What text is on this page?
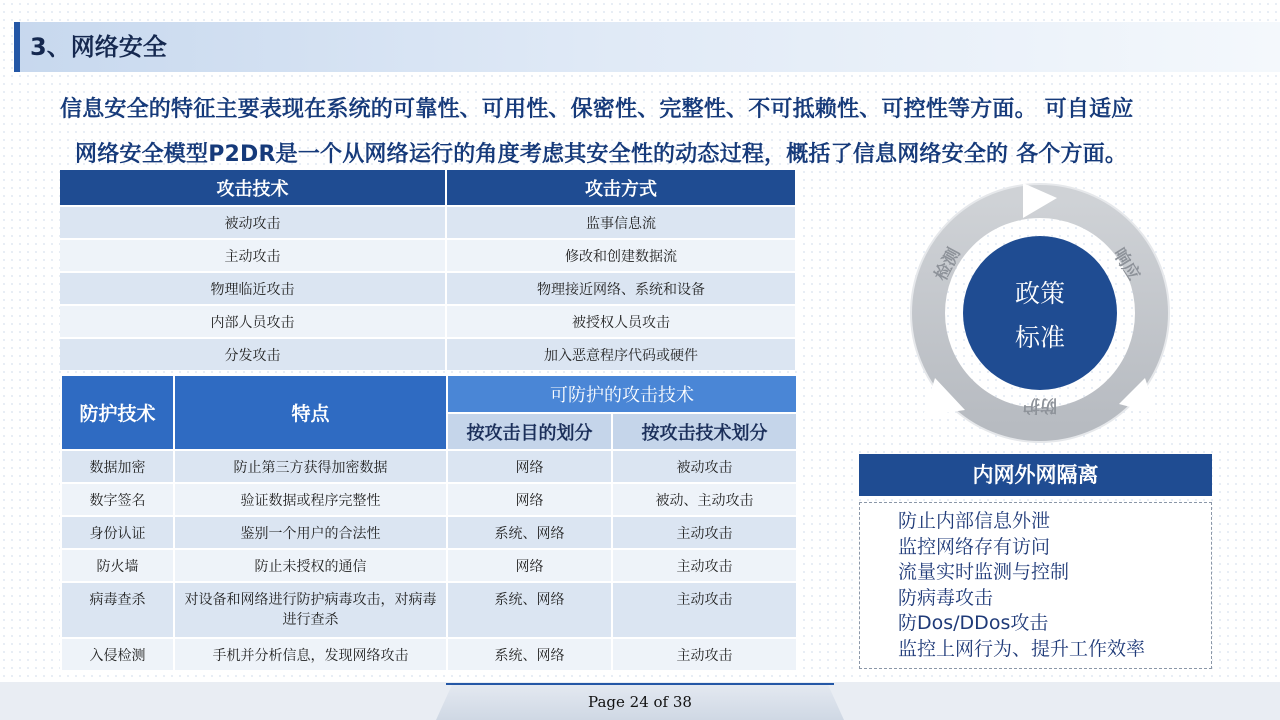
3、网络安全
信息安全的特征主要表现在系统的可靠性、可用性、保密性、完整性、不可抵赖性、可控性等方面。 可自适应
网络安全模型P2DR是一个从网络运行的角度考虑其安全性的动态过程，概括了信息网络安全的 各个方面。
攻击技术	攻击方式
被动攻击	监事信息流
主动攻击	修改和创建数据流
物理临近攻击	物理接近网络、系统和设备
内部人员攻击	被授权人员攻击
分发攻击	加入恶意程序代码或硬件
防护技术	特点	可防护的攻击技术	
		按攻击目的划分	按攻击技术划分
数据加密	防止第三方获得加密数据	网络	被动攻击
数字签名	验证数据或程序完整性	网络	被动、主动攻击
身份认证	鉴别一个用户的合法性	系统、网络	主动攻击
防火墙	防止未授权的通信	网络	主动攻击
病毒查杀	对设备和网络进行防护病毒攻击，对病毒进行查杀	系统、网络	主动攻击
入侵检测	手机并分析信息，发现网络攻击	系统、网络	主动攻击
政策
标准
检测	响应
防护
内网外网隔离
防止内部信息外泄
监控网络存有访问
流量实时监测与控制
防病毒攻击
防Dos/DDos攻击
监控上网行为、提升工作效率
Page 24 of 38
